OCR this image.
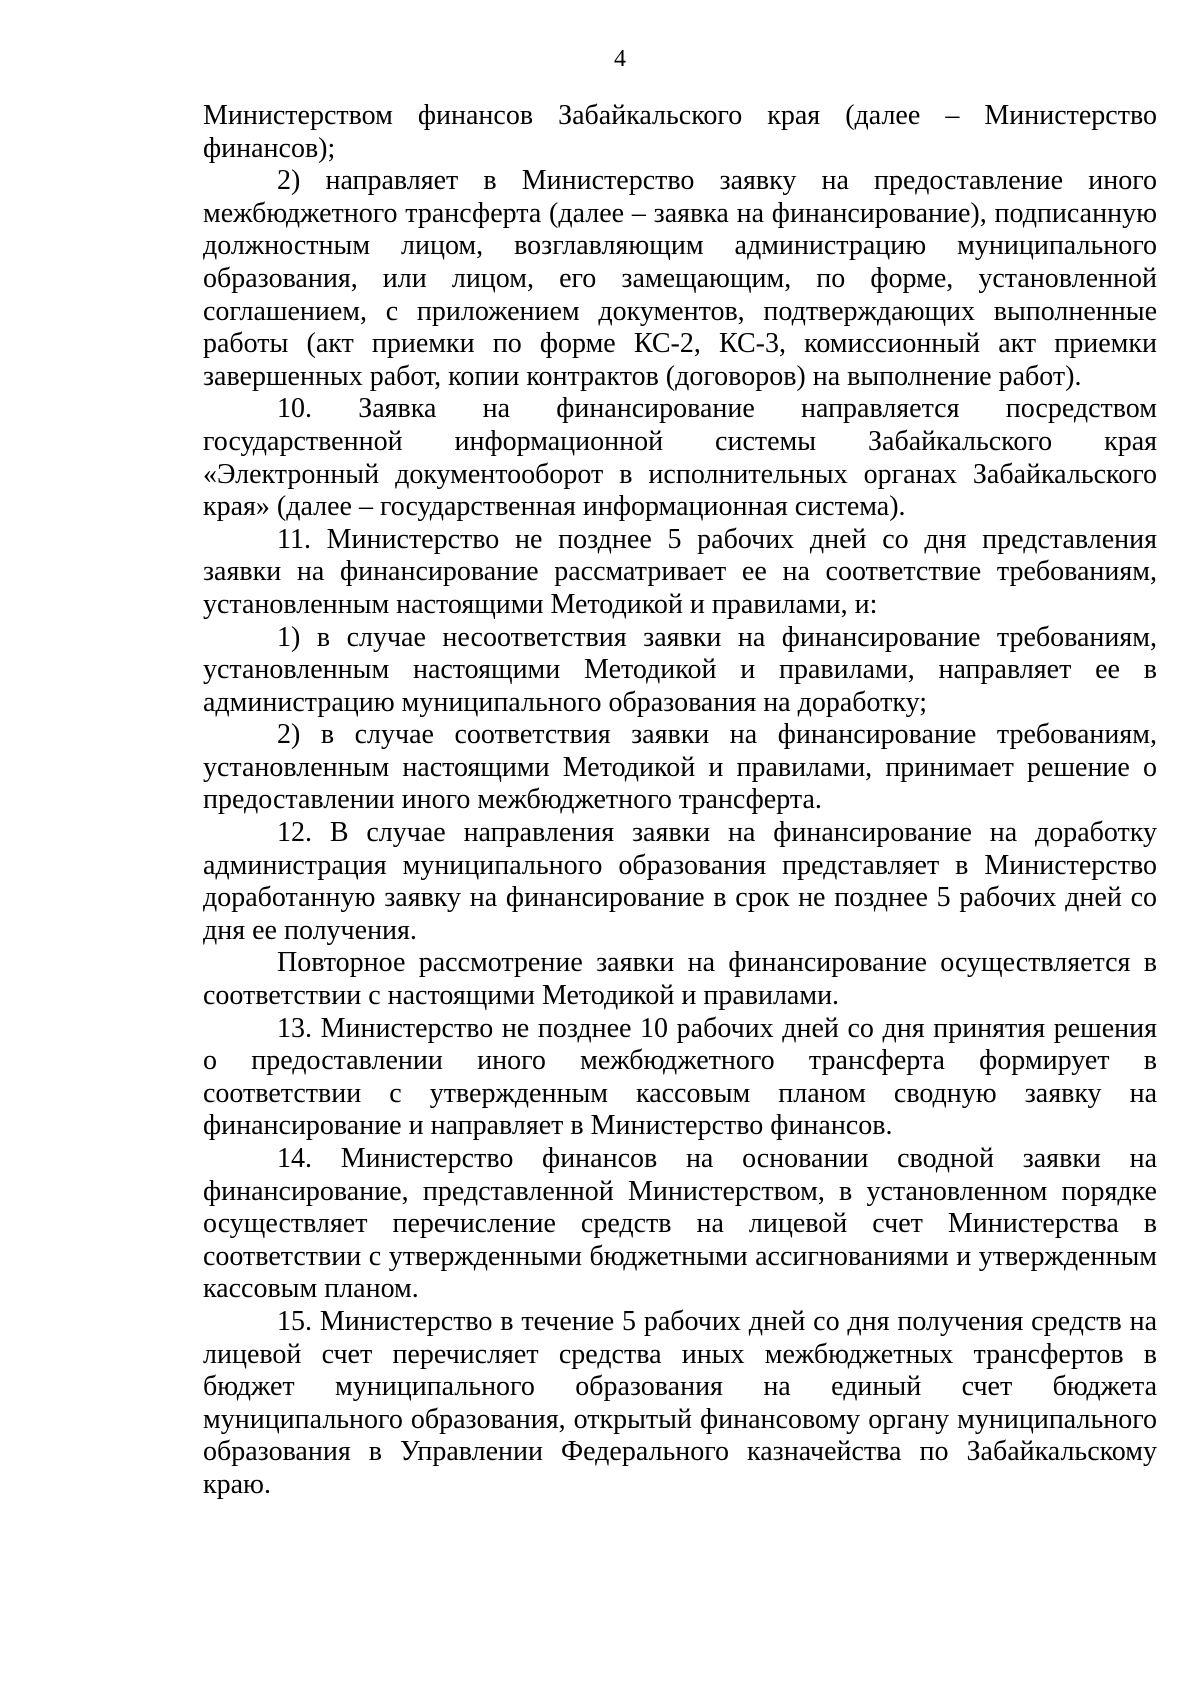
4

Министерством финансов Забайкальского края (далее – Министерство финансов);

2) направляет в Министерство заявку на предоставление иного межбюджетного трансферта (далее – заявка на финансирование), подписанную должностным лицом, возглавляющим администрацию муниципального образования, или лицом, его замещающим, по форме, установленной соглашением, с приложением документов, подтверждающих выполненные работы (акт приемки по форме КС-2, КС-3, комиссионный акт приемки завершенных работ, копии контрактов (договоров) на выполнение работ).

10. Заявка на финансирование направляется посредством государственной информационной системы Забайкальского края «Электронный документооборот в исполнительных органах Забайкальского края» (далее – государственная информационная система).

11. Министерство не позднее 5 рабочих дней со дня представления заявки на финансирование рассматривает ее на соответствие требованиям, установленным настоящими Методикой и правилами, и:

1) в случае несоответствия заявки на финансирование требованиям, установленным настоящими Методикой и правилами, направляет ее в администрацию муниципального образования на доработку;

2) в случае соответствия заявки на финансирование требованиям, установленным настоящими Методикой и правилами, принимает решение о предоставлении иного межбюджетного трансферта.

12. В случае направления заявки на финансирование на доработку администрация муниципального образования представляет в Министерство доработанную заявку на финансирование в срок не позднее 5 рабочих дней со дня ее получения.

Повторное рассмотрение заявки на финансирование осуществляется в соответствии с настоящими Методикой и правилами.

13. Министерство не позднее 10 рабочих дней со дня принятия решения о предоставлении иного межбюджетного трансферта формирует в соответствии с утвержденным кассовым планом сводную заявку на финансирование и направляет в Министерство финансов.

14. Министерство финансов на основании сводной заявки на финансирование, представленной Министерством, в установленном порядке осуществляет перечисление средств на лицевой счет Министерства в соответствии с утвержденными бюджетными ассигнованиями и утвержденным кассовым планом.

15. Министерство в течение 5 рабочих дней со дня получения средств на лицевой счет перечисляет средства иных межбюджетных трансфертов в бюджет муниципального образования на единый счет бюджета муниципального образования, открытый финансовому органу муниципального образования в Управлении Федерального казначейства по Забайкальскому краю.
